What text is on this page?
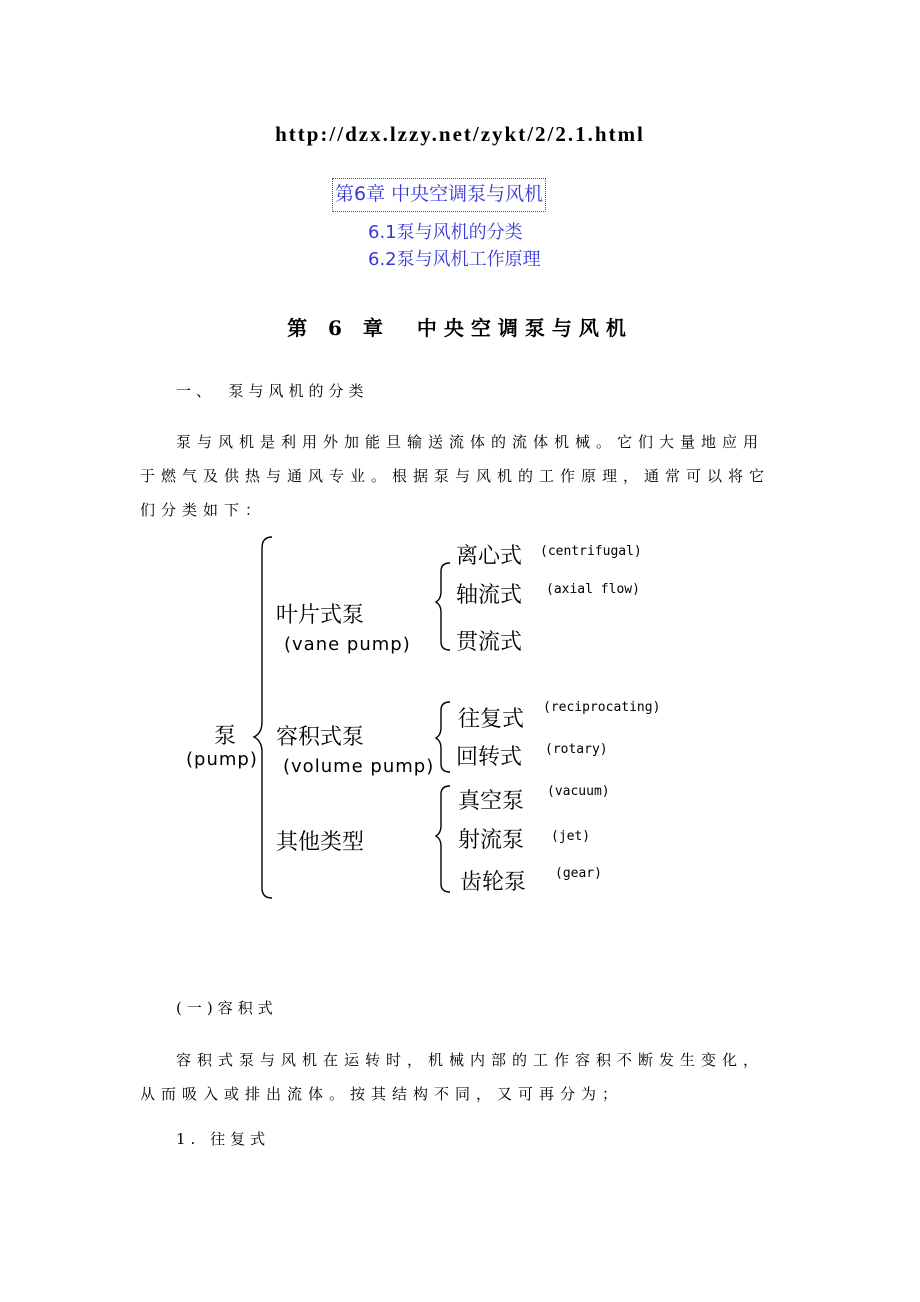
http://dzx.lzzy.net/zykt/2/2.1.html
第6章 中央空调泵与风机
6.1泵与风机的分类
6.2泵与风机工作原理
第 6 章　中央空调泵与风机
一、　泵与风机的分类
泵与风机是利用外加能旦输送流体的流体机械。它们大量地应用于燃气及供热与通风专业。根据泵与风机的工作原理，通常可以将它们分类如下：
泵
(pump)
叶片式泵
(vane pump)
容积式泵
(volume pump)
其他类型
离心式 (centrifugal)
轴流式 (axial flow)
贯流式
往复式 (reciprocating)
回转式 (rotary)
真空泵 (vacuum)
射流泵 (jet)
齿轮泵 (gear)
(一)容积式
容积式泵与风机在运转时，机械内部的工作容积不断发生变化，从而吸入或排出流体。按其结构不同，又可再分为；
1. 往复式
